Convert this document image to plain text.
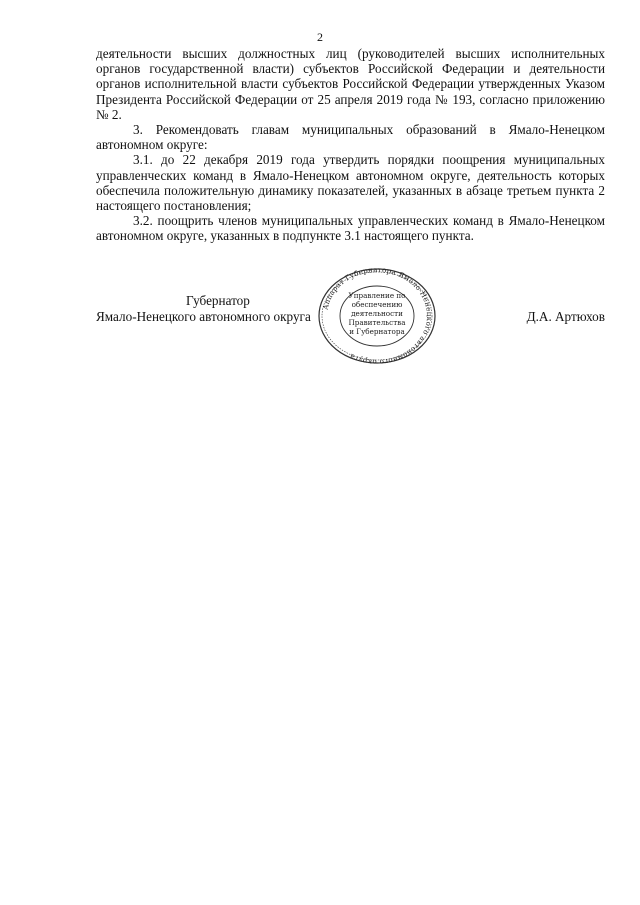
2

деятельности высших должностных лиц (руководителей высших исполнительных органов государственной власти) субъектов Российской Федерации и деятельности органов исполнительной власти субъектов Российской Федерации утвержденных Указом Президента Российской Федерации от 25 апреля 2019 года № 193, согласно приложению № 2.

3. Рекомендовать главам муниципальных образований в Ямало-Ненецком автономном округе:

3.1. до 22 декабря 2019 года утвердить порядки поощрения муниципальных управленческих команд в Ямало-Ненецком автономном округе, деятельность которых обеспечила положительную динамику показателей, указанных в абзаце третьем пункта 2 настоящего постановления;

3.2. поощрить членов муниципальных управленческих команд в Ямало-Ненецком автономном округе, указанных в подпункте 3.1 настоящего пункта.

Губернатор
Ямало-Ненецкого автономного округа	Д.А. Артюхов
Аппарат Губернатора Ямало-Ненецкого автономного округа
Управление по
обеспечению
деятельности
Правительства
и Губернатора
